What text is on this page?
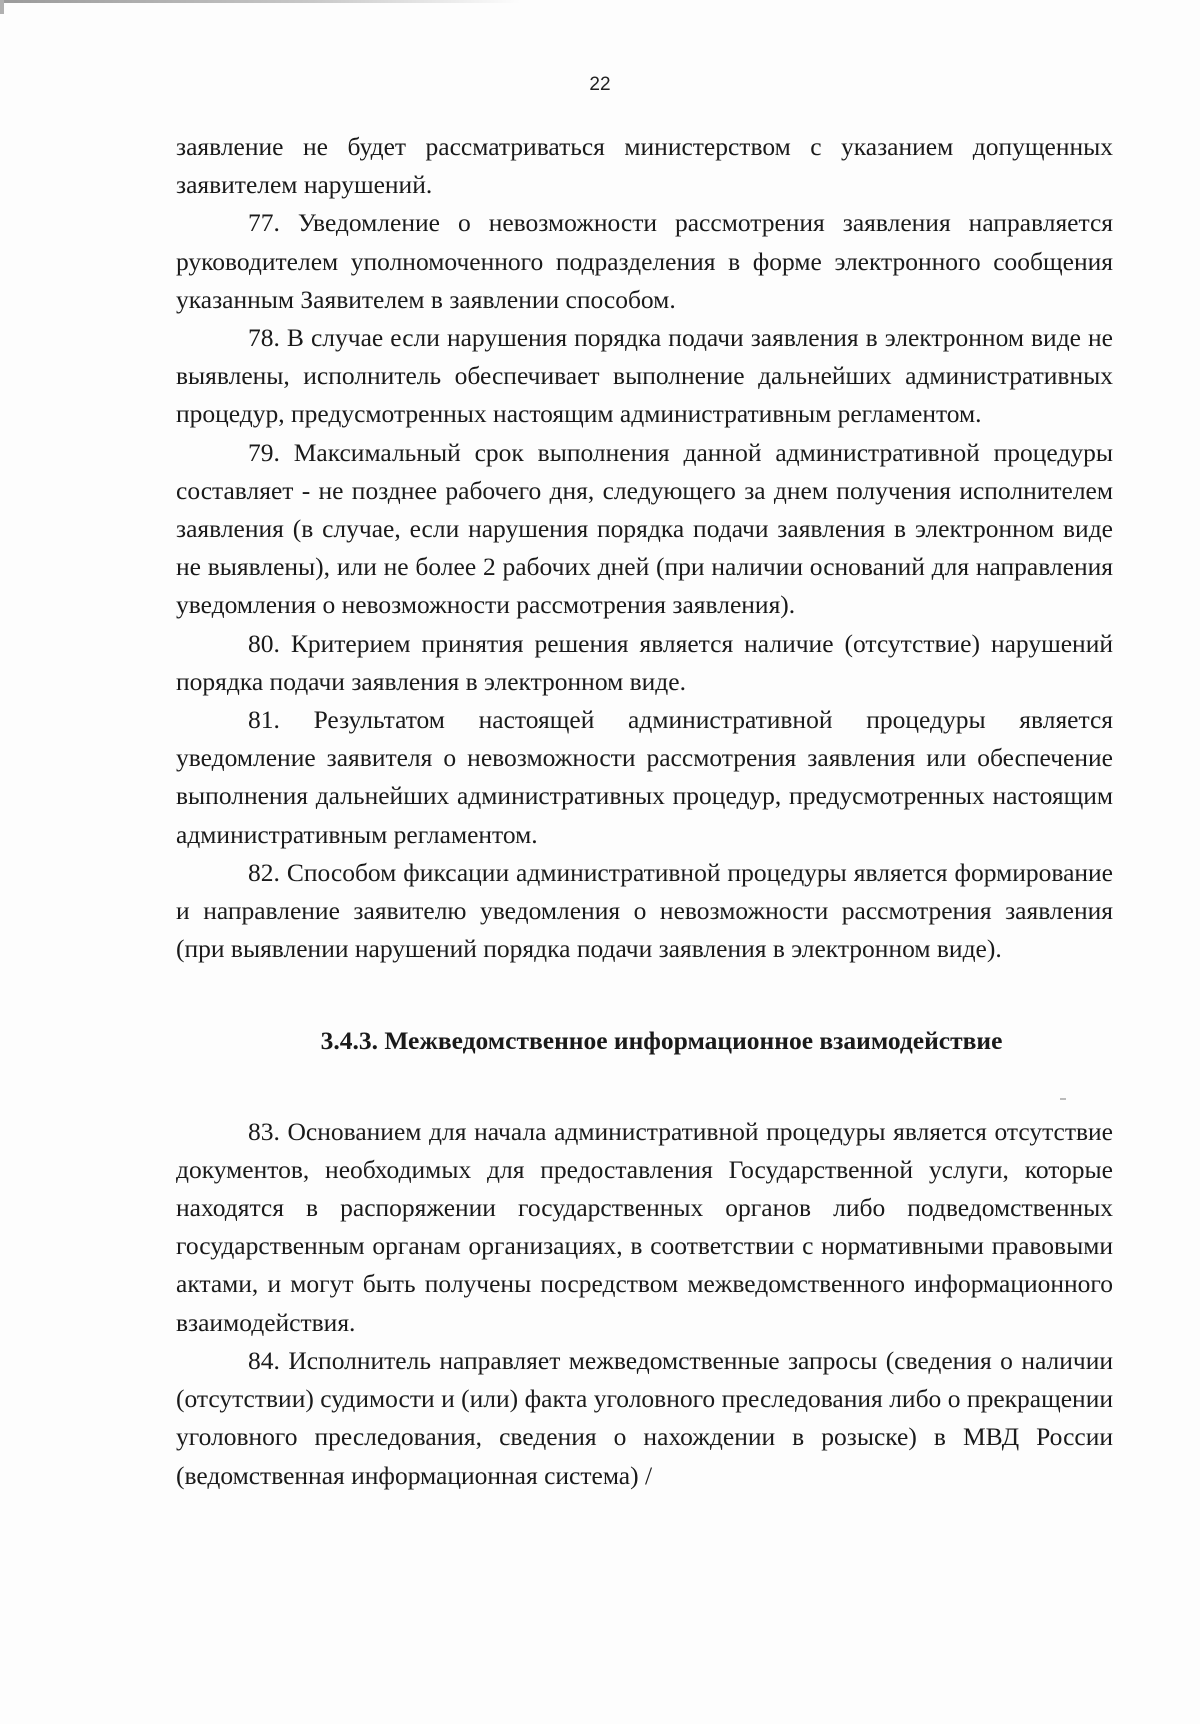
22

заявление не будет рассматриваться министерством с указанием допущенных заявителем нарушений.

77. Уведомление о невозможности рассмотрения заявления направляется руководителем уполномоченного подразделения в форме электронного сообщения указанным Заявителем в заявлении способом.

78. В случае если нарушения порядка подачи заявления в электронном виде не выявлены, исполнитель обеспечивает выполнение дальнейших административных процедур, предусмотренных настоящим административным регламентом.

79. Максимальный срок выполнения данной административной процедуры составляет - не позднее рабочего дня, следующего за днем получения исполнителем заявления (в случае, если нарушения порядка подачи заявления в электронном виде не выявлены), или не более 2 рабочих дней (при наличии оснований для направления уведомления о невозможности рассмотрения заявления).

80. Критерием принятия решения является наличие (отсутствие) нарушений порядка подачи заявления в электронном виде.

81. Результатом настоящей административной процедуры является уведомление заявителя о невозможности рассмотрения заявления или обеспечение выполнения дальнейших административных процедур, предусмотренных настоящим административным регламентом.

82. Способом фиксации административной процедуры является формирование и направление заявителю уведомления о невозможности рассмотрения заявления (при выявлении нарушений порядка подачи заявления в электронном виде).

3.4.3. Межведомственное информационное взаимодействие

83. Основанием для начала административной процедуры является отсутствие документов, необходимых для предоставления Государственной услуги, которые находятся в распоряжении государственных органов либо подведомственных государственным органам организациях, в соответствии с нормативными правовыми актами, и могут быть получены посредством межведомственного информационного взаимодействия.

84. Исполнитель направляет межведомственные запросы (сведения о наличии (отсутствии) судимости и (или) факта уголовного преследования либо о прекращении уголовного преследования, сведения о нахождении в розыске) в МВД России (ведомственная информационная система) /
